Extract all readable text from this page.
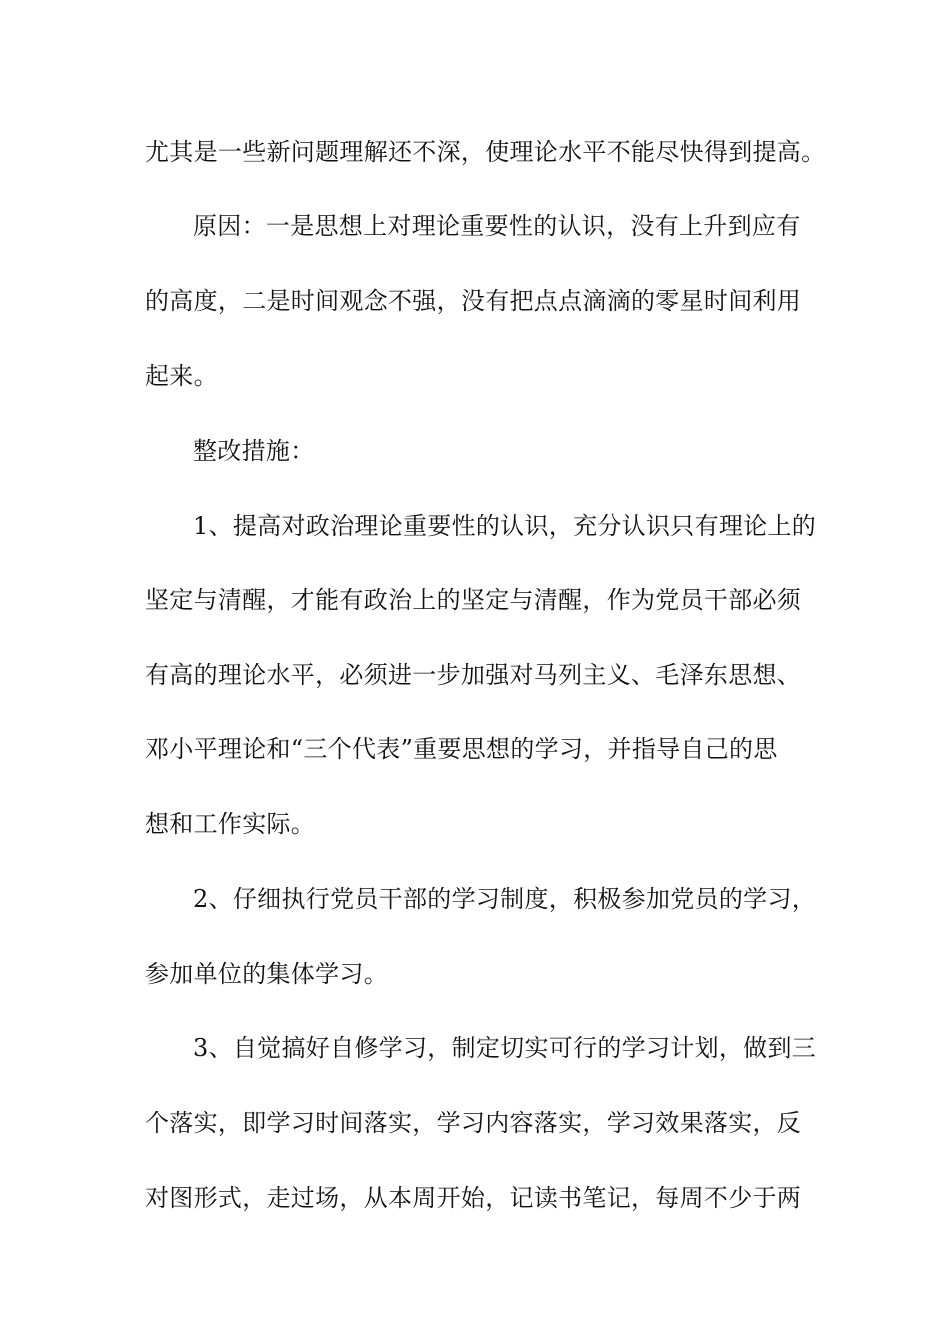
尤其是一些新问题理解还不深，使理论水平不能尽快得到提高。
原因：一是思想上对理论重要性的认识，没有上升到应有
的高度，二是时间观念不强，没有把点点滴滴的零星时间利用
起来。
整改措施：
1、提高对政治理论重要性的认识，充分认识只有理论上的
坚定与清醒，才能有政治上的坚定与清醒，作为党员干部必须
有高的理论水平，必须进一步加强对马列主义、毛泽东思想、
邓小平理论和“三个代表”重要思想的学习，并指导自己的思
想和工作实际。
2、仔细执行党员干部的学习制度，积极参加党员的学习，
参加单位的集体学习。
3、自觉搞好自修学习，制定切实可行的学习计划，做到三
个落实，即学习时间落实，学习内容落实，学习效果落实，反
对图形式，走过场，从本周开始，记读书笔记，每周不少于两
